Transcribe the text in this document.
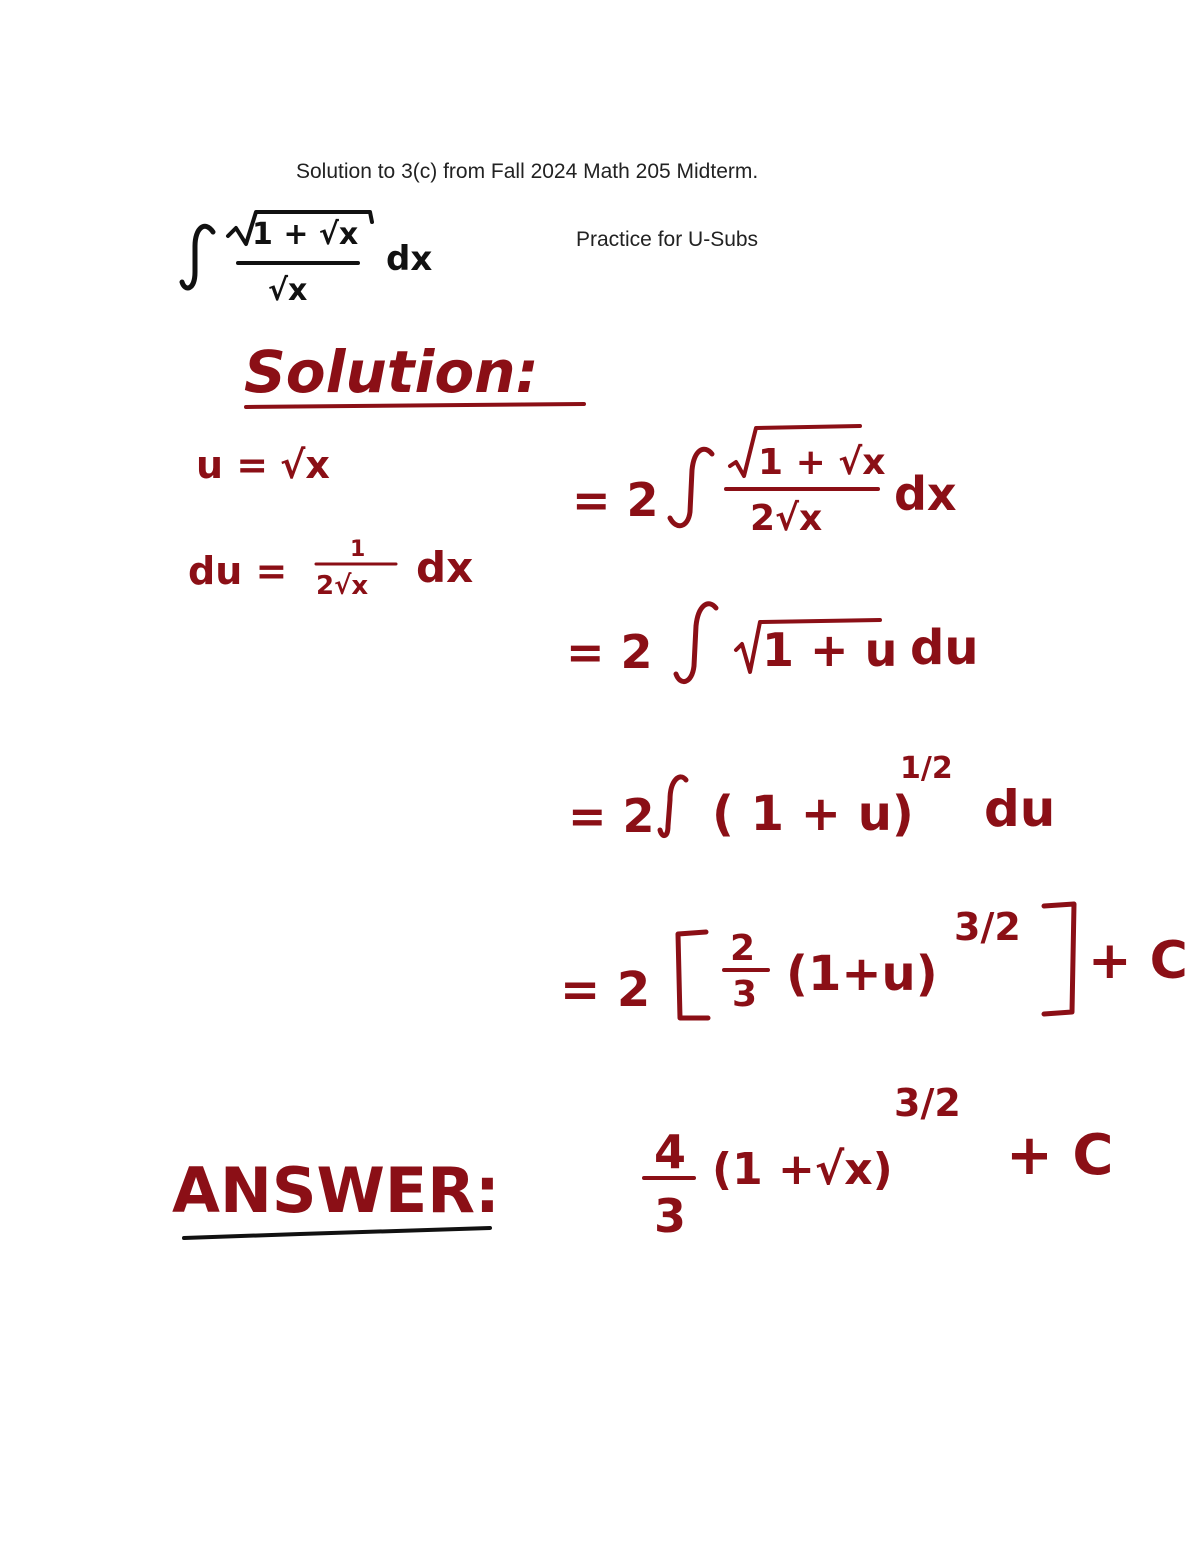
Solution to 3(c) from Fall 2024 Math 205 Midterm.
Practice for U-Subs
1 + √x
√x
dx
Solution:
u = √x
du =	1
2√x dx
= 2
1 + √x
2√x dx
= 2 1 + u du
= 2 ( 1 + u)
1/2
du
= 2
2
3 (1+u)
3/2
+ C
ANSWER:
4
3
(1 +√x)
3/2
+ C
